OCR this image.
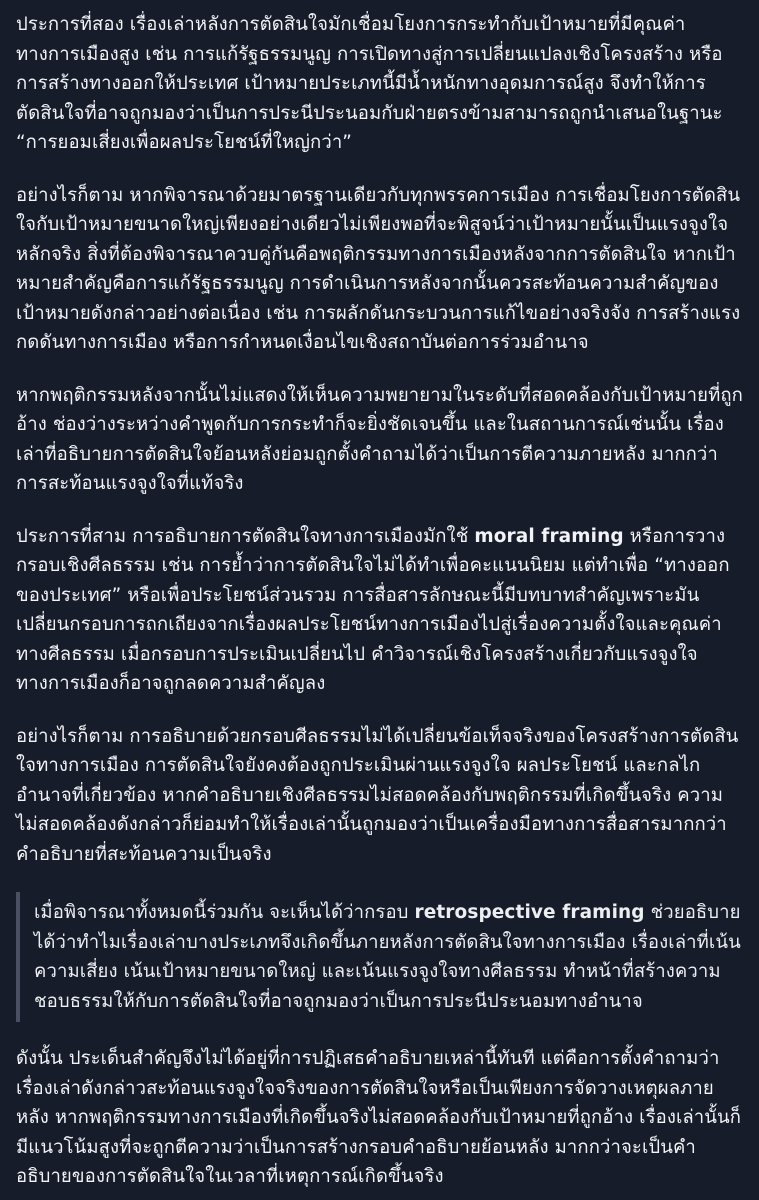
ประการที่สอง เรื่องเล่าหลังการตัดสินใจมักเชื่อมโยงการกระทำกับเป้าหมายที่มีคุณค่าทางการเมืองสูง เช่น การแก้รัฐธรรมนูญ การเปิดทางสู่การเปลี่ยนแปลงเชิงโครงสร้าง หรือการสร้างทางออกให้ประเทศ เป้าหมายประเภทนี้มีน้ำหนักทางอุดมการณ์สูง จึงทำให้การตัดสินใจที่อาจถูกมองว่าเป็นการประนีประนอมกับฝ่ายตรงข้ามสามารถถูกนำเสนอในฐานะ “การยอมเสี่ยงเพื่อผลประโยชน์ที่ใหญ่กว่า”

อย่างไรก็ตาม หากพิจารณาด้วยมาตรฐานเดียวกับทุกพรรคการเมือง การเชื่อมโยงการตัดสินใจกับเป้าหมายขนาดใหญ่เพียงอย่างเดียวไม่เพียงพอที่จะพิสูจน์ว่าเป้าหมายนั้นเป็นแรงจูงใจหลักจริง สิ่งที่ต้องพิจารณาควบคู่กันคือพฤติกรรมทางการเมืองหลังจากการตัดสินใจ หากเป้าหมายสำคัญคือการแก้รัฐธรรมนูญ การดำเนินการหลังจากนั้นควรสะท้อนความสำคัญของเป้าหมายดังกล่าวอย่างต่อเนื่อง เช่น การผลักดันกระบวนการแก้ไขอย่างจริงจัง การสร้างแรงกดดันทางการเมือง หรือการกำหนดเงื่อนไขเชิงสถาบันต่อการร่วมอำนาจ

หากพฤติกรรมหลังจากนั้นไม่แสดงให้เห็นความพยายามในระดับที่สอดคล้องกับเป้าหมายที่ถูกอ้าง ช่องว่างระหว่างคำพูดกับการกระทำก็จะยิ่งชัดเจนขึ้น และในสถานการณ์เช่นนั้น เรื่องเล่าที่อธิบายการตัดสินใจย้อนหลังย่อมถูกตั้งคำถามได้ว่าเป็นการตีความภายหลัง มากกว่าการสะท้อนแรงจูงใจที่แท้จริง

ประการที่สาม การอธิบายการตัดสินใจทางการเมืองมักใช้ moral framing หรือการวางกรอบเชิงศีลธรรม เช่น การย้ำว่าการตัดสินใจไม่ได้ทำเพื่อคะแนนนิยม แต่ทำเพื่อ “ทางออกของประเทศ” หรือเพื่อประโยชน์ส่วนรวม การสื่อสารลักษณะนี้มีบทบาทสำคัญเพราะมันเปลี่ยนกรอบการถกเถียงจากเรื่องผลประโยชน์ทางการเมืองไปสู่เรื่องความตั้งใจและคุณค่าทางศีลธรรม เมื่อกรอบการประเมินเปลี่ยนไป คำวิจารณ์เชิงโครงสร้างเกี่ยวกับแรงจูงใจทางการเมืองก็อาจถูกลดความสำคัญลง

อย่างไรก็ตาม การอธิบายด้วยกรอบศีลธรรมไม่ได้เปลี่ยนข้อเท็จจริงของโครงสร้างการตัดสินใจทางการเมือง การตัดสินใจยังคงต้องถูกประเมินผ่านแรงจูงใจ ผลประโยชน์ และกลไกอำนาจที่เกี่ยวข้อง หากคำอธิบายเชิงศีลธรรมไม่สอดคล้องกับพฤติกรรมที่เกิดขึ้นจริง ความไม่สอดคล้องดังกล่าวก็ย่อมทำให้เรื่องเล่านั้นถูกมองว่าเป็นเครื่องมือทางการสื่อสารมากกว่าคำอธิบายที่สะท้อนความเป็นจริง

เมื่อพิจารณาทั้งหมดนี้ร่วมกัน จะเห็นได้ว่ากรอบ retrospective framing ช่วยอธิบายได้ว่าทำไมเรื่องเล่าบางประเภทจึงเกิดขึ้นภายหลังการตัดสินใจทางการเมือง เรื่องเล่าที่เน้นความเสี่ยง เน้นเป้าหมายขนาดใหญ่ และเน้นแรงจูงใจทางศีลธรรม ทำหน้าที่สร้างความชอบธรรมให้กับการตัดสินใจที่อาจถูกมองว่าเป็นการประนีประนอมทางอำนาจ

ดังนั้น ประเด็นสำคัญจึงไม่ได้อยู่ที่การปฏิเสธคำอธิบายเหล่านี้ทันที แต่คือการตั้งคำถามว่าเรื่องเล่าดังกล่าวสะท้อนแรงจูงใจจริงของการตัดสินใจหรือเป็นเพียงการจัดวางเหตุผลภายหลัง หากพฤติกรรมทางการเมืองที่เกิดขึ้นจริงไม่สอดคล้องกับเป้าหมายที่ถูกอ้าง เรื่องเล่านั้นก็มีแนวโน้มสูงที่จะถูกตีความว่าเป็นการสร้างกรอบคำอธิบายย้อนหลัง มากกว่าจะเป็นคำอธิบายของการตัดสินใจในเวลาที่เหตุการณ์เกิดขึ้นจริง
